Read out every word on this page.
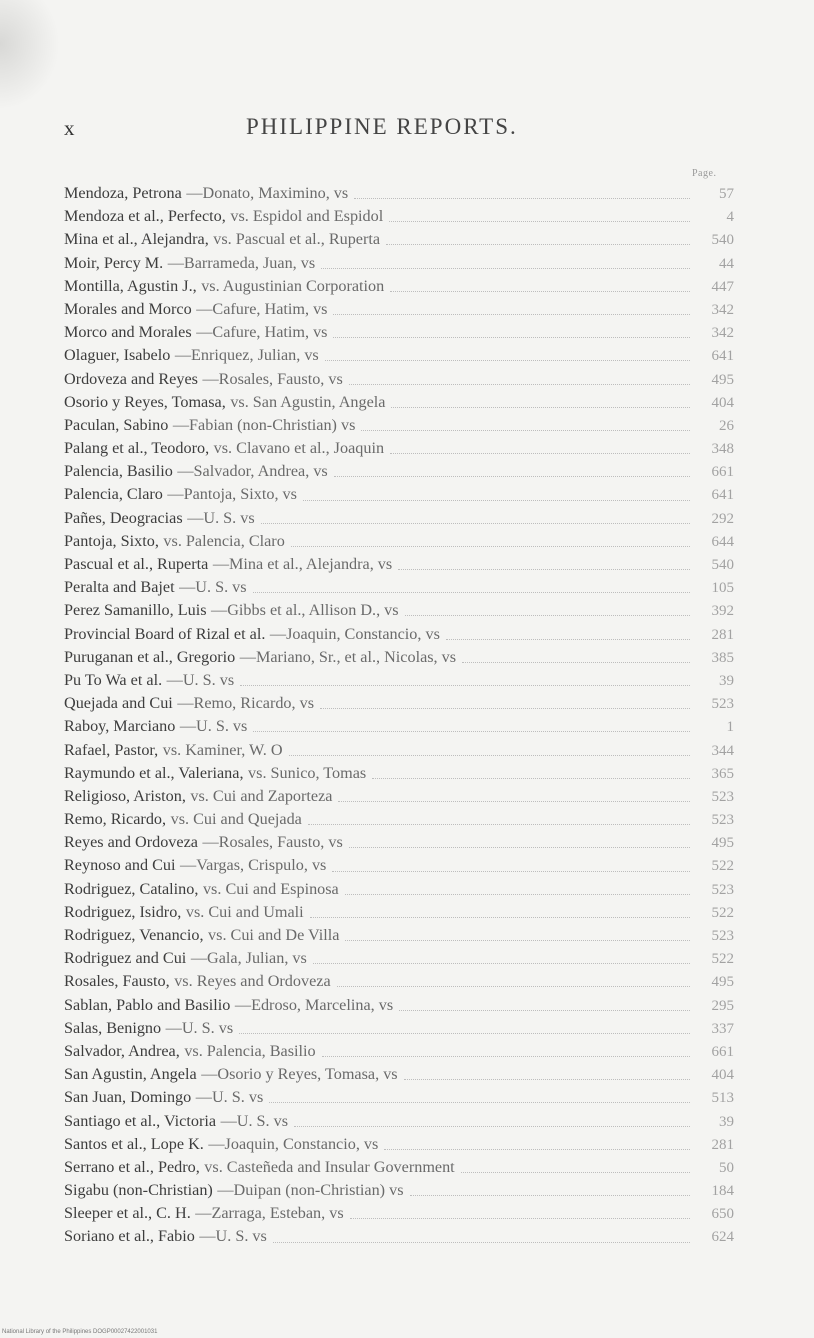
x	PHILIPPINE REPORTS.
Page.
Mendoza, Petrona —Donato, Maximino, vs	57
Mendoza et al., Perfecto, vs. Espidol and Espidol	4
Mina et al., Alejandra, vs. Pascual et al., Ruperta	540
Moir, Percy M. —Barrameda, Juan, vs	44
Montilla, Agustin J., vs. Augustinian Corporation	447
Morales and Morco —Cafure, Hatim, vs	342
Morco and Morales —Cafure, Hatim, vs	342
Olaguer, Isabelo —Enriquez, Julian, vs	641
Ordoveza and Reyes —Rosales, Fausto, vs	495
Osorio y Reyes, Tomasa, vs. San Agustin, Angela	404
Paculan, Sabino —Fabian (non-Christian) vs	26
Palang et al., Teodoro, vs. Clavano et al., Joaquin	348
Palencia, Basilio —Salvador, Andrea, vs	661
Palencia, Claro —Pantoja, Sixto, vs	641
Pañes, Deogracias —U. S. vs	292
Pantoja, Sixto, vs. Palencia, Claro	644
Pascual et al., Ruperta —Mina et al., Alejandra, vs	540
Peralta and Bajet —U. S. vs	105
Perez Samanillo, Luis —Gibbs et al., Allison D., vs	392
Provincial Board of Rizal et al. —Joaquin, Constancio, vs	281
Puruganan et al., Gregorio —Mariano, Sr., et al., Nicolas, vs	385
Pu To Wa et al. —U. S. vs	39
Quejada and Cui —Remo, Ricardo, vs	523
Raboy, Marciano —U. S. vs	1
Rafael, Pastor, vs. Kaminer, W. O	344
Raymundo et al., Valeriana, vs. Sunico, Tomas	365
Religioso, Ariston, vs. Cui and Zaporteza	523
Remo, Ricardo, vs. Cui and Quejada	523
Reyes and Ordoveza —Rosales, Fausto, vs	495
Reynoso and Cui —Vargas, Crispulo, vs	522
Rodriguez, Catalino, vs. Cui and Espinosa	523
Rodriguez, Isidro, vs. Cui and Umali	522
Rodriguez, Venancio, vs. Cui and De Villa	523
Rodriguez and Cui —Gala, Julian, vs	522
Rosales, Fausto, vs. Reyes and Ordoveza	495
Sablan, Pablo and Basilio —Edroso, Marcelina, vs	295
Salas, Benigno —U. S. vs	337
Salvador, Andrea, vs. Palencia, Basilio	661
San Agustin, Angela —Osorio y Reyes, Tomasa, vs	404
San Juan, Domingo —U. S. vs	513
Santiago et al., Victoria —U. S. vs	39
Santos et al., Lope K. —Joaquin, Constancio, vs	281
Serrano et al., Pedro, vs. Casteñeda and Insular Government	50
Sigabu (non-Christian) —Duipan (non-Christian) vs	184
Sleeper et al., C. H. —Zarraga, Esteban, vs	650
Soriano et al., Fabio —U. S. vs	624
National Library of the Philippines DOGP00027422001031
